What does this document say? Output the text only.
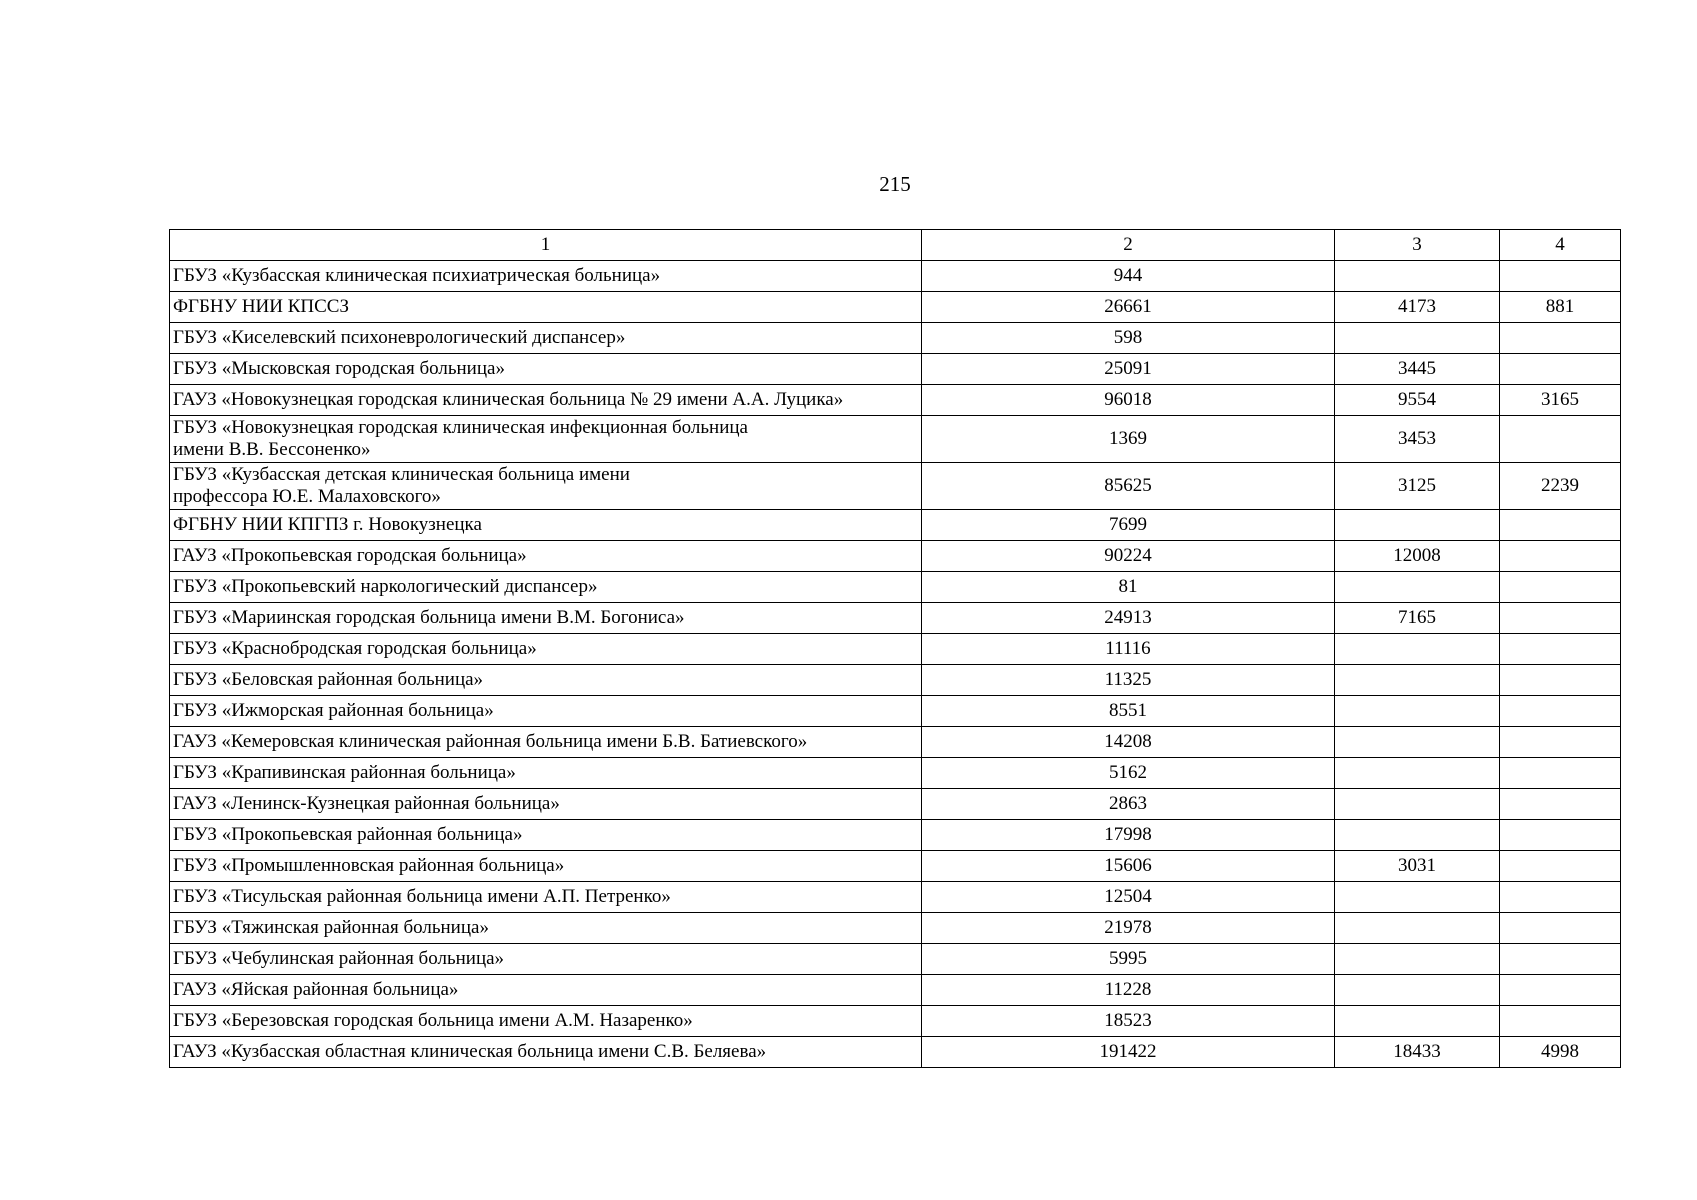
215
1	2	3	4
ГБУЗ «Кузбасская клиническая психиатрическая больница»	944		
ФГБНУ НИИ КПССЗ	26661	4173	881
ГБУЗ «Киселевский психоневрологический диспансер»	598		
ГБУЗ «Мысковская городская больница»	25091	3445	
ГАУЗ «Новокузнецкая городская клиническая больница № 29 имени А.А. Луцика»	96018	9554	3165
ГБУЗ «Новокузнецкая городская клиническая инфекционная больница
имени В.В. Бессоненко»	1369	3453	
ГБУЗ «Кузбасская детская клиническая больница имени
профессора Ю.Е. Малаховского»	85625	3125	2239
ФГБНУ НИИ КПГПЗ г. Новокузнецка	7699		
ГАУЗ «Прокопьевская городская больница»	90224	12008	
ГБУЗ «Прокопьевский наркологический диспансер»	81		
ГБУЗ «Мариинская городская больница имени В.М. Богониса»	24913	7165	
ГБУЗ «Краснобродская городская больница»	11116		
ГБУЗ «Беловская районная больница»	11325		
ГБУЗ «Ижморская районная больница»	8551		
ГАУЗ «Кемеровская клиническая районная больница имени Б.В. Батиевского»	14208		
ГБУЗ «Крапивинская районная больница»	5162		
ГАУЗ «Ленинск-Кузнецкая районная больница»	2863		
ГБУЗ «Прокопьевская районная больница»	17998		
ГБУЗ «Промышленновская районная больница»	15606	3031	
ГБУЗ «Тисульская районная больница имени А.П. Петренко»	12504		
ГБУЗ «Тяжинская районная больница»	21978		
ГБУЗ «Чебулинская районная больница»	5995		
ГАУЗ «Яйская районная больница»	11228		
ГБУЗ «Березовская городская больница имени А.М. Назаренко»	18523		
ГАУЗ «Кузбасская областная клиническая больница имени С.В. Беляева»	191422	18433	4998
